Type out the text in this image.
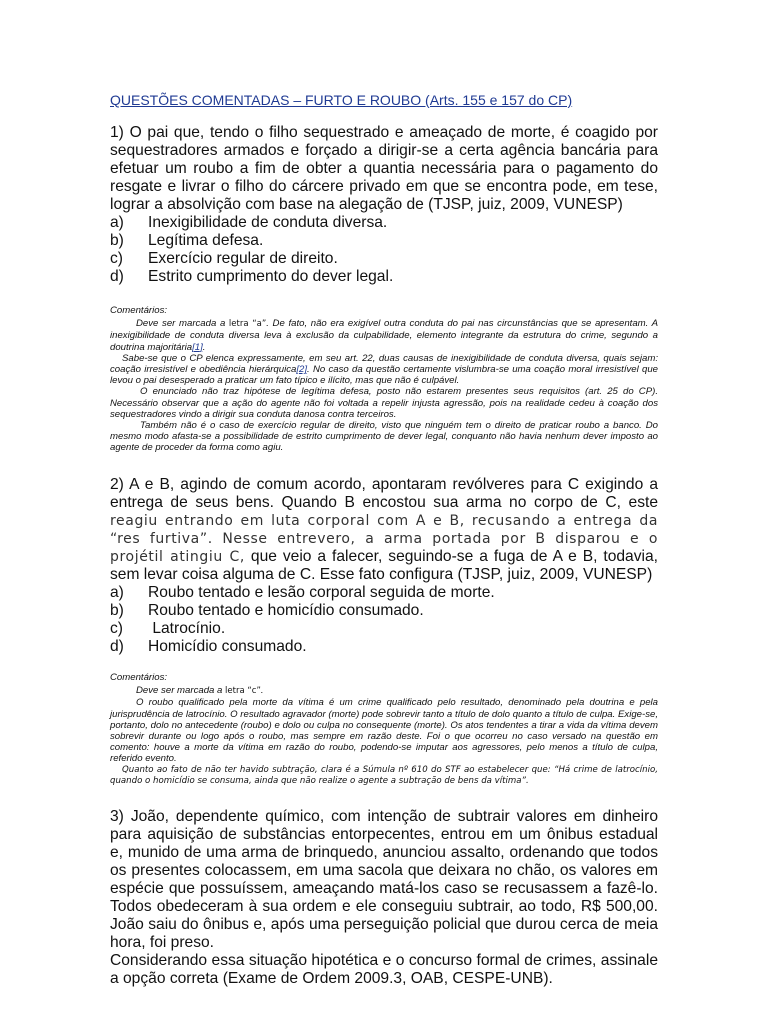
QUESTÕES COMENTADAS – FURTO E ROUBO (Arts. 155 e 157 do CP)

1) O pai que, tendo o filho sequestrado e ameaçado de morte, é coagido por sequestradores armados e forçado a dirigir-se a certa agência bancária para efetuar um roubo a fim de obter a quantia necessária para o pagamento do resgate e livrar o filho do cárcere privado em que se encontra pode, em tese, lograr a absolvição com base na alegação de (TJSP, juiz, 2009, VUNESP)

a)	Inexigibilidade de conduta diversa.
b)	Legítima defesa.
c)	Exercício regular de direito.
d)	Estrito cumprimento do dever legal.

Comentários:

Deve ser marcada a letra “a”. De fato, não era exigível outra conduta do pai nas circunstâncias que se apresentam. A inexigibilidade de conduta diversa leva à exclusão da culpabilidade, elemento integrante da estrutura do crime, segundo a doutrina majoritária[1].

Sabe-se que o CP elenca expressamente, em seu art. 22, duas causas de inexigibilidade de conduta diversa, quais sejam: coação irresistível e obediência hierárquica[2]. No caso da questão certamente vislumbra-se uma coação moral irresistível que levou o pai desesperado a praticar um fato típico e ilícito, mas que não é culpável.

O enunciado não traz hipótese de legítima defesa, posto não estarem presentes seus requisitos (art. 25 do CP). Necessário observar que a ação do agente não foi voltada a repelir injusta agressão, pois na realidade cedeu à coação dos sequestradores vindo a dirigir sua conduta danosa contra terceiros.

Também não é o caso de exercício regular de direito, visto que ninguém tem o direito de praticar roubo a banco. Do mesmo modo afasta-se a possibilidade de estrito cumprimento de dever legal, conquanto não havia nenhum dever imposto ao agente de proceder da forma como agiu.

2) A e B, agindo de comum acordo, apontaram revólveres para C exigindo a entrega de seus bens. Quando B encostou sua arma no corpo de C, este reagiu entrando em luta corporal com A e B, recusando a entrega da “res furtiva”. Nesse entrevero, a arma portada por B disparou e o projétil atingiu C, que veio a falecer, seguindo-se a fuga de A e B, todavia, sem levar coisa alguma de C. Esse fato configura (TJSP, juiz, 2009, VUNESP)

a)	Roubo tentado e lesão corporal seguida de morte.
b)	Roubo tentado e homicídio consumado.
c)	Latrocínio.
d)	Homicídio consumado.

Comentários:

Deve ser marcada a letra “c”.

O roubo qualificado pela morte da vítima é um crime qualificado pelo resultado, denominado pela doutrina e pela jurisprudência de latrocínio. O resultado agravador (morte) pode sobrevir tanto a título de dolo quanto a título de culpa. Exige-se, portanto, dolo no antecedente (roubo) e dolo ou culpa no consequente (morte). Os atos tendentes a tirar a vida da vítima devem sobrevir durante ou logo após o roubo, mas sempre em razão deste. Foi o que ocorreu no caso versado na questão em comento: houve a morte da vítima em razão do roubo, podendo-se imputar aos agressores, pelo menos a título de culpa, referido evento.

Quanto ao fato de não ter havido subtração, clara é a Súmula nº 610 do STF ao estabelecer que: “Há crime de latrocínio, quando o homicídio se consuma, ainda que não realize o agente a subtração de bens da vítima”.

3) João, dependente químico, com intenção de subtrair valores em dinheiro para aquisição de substâncias entorpecentes, entrou em um ônibus estadual e, munido de uma arma de brinquedo, anunciou assalto, ordenando que todos os presentes colocassem, em uma sacola que deixara no chão, os valores em espécie que possuíssem, ameaçando matá-los caso se recusassem a fazê-lo. Todos obedeceram à sua ordem e ele conseguiu subtrair, ao todo, R$ 500,00. João saiu do ônibus e, após uma perseguição policial que durou cerca de meia hora, foi preso.

Considerando essa situação hipotética e o concurso formal de crimes, assinale a opção correta (Exame de Ordem 2009.3, OAB, CESPE-UNB).
